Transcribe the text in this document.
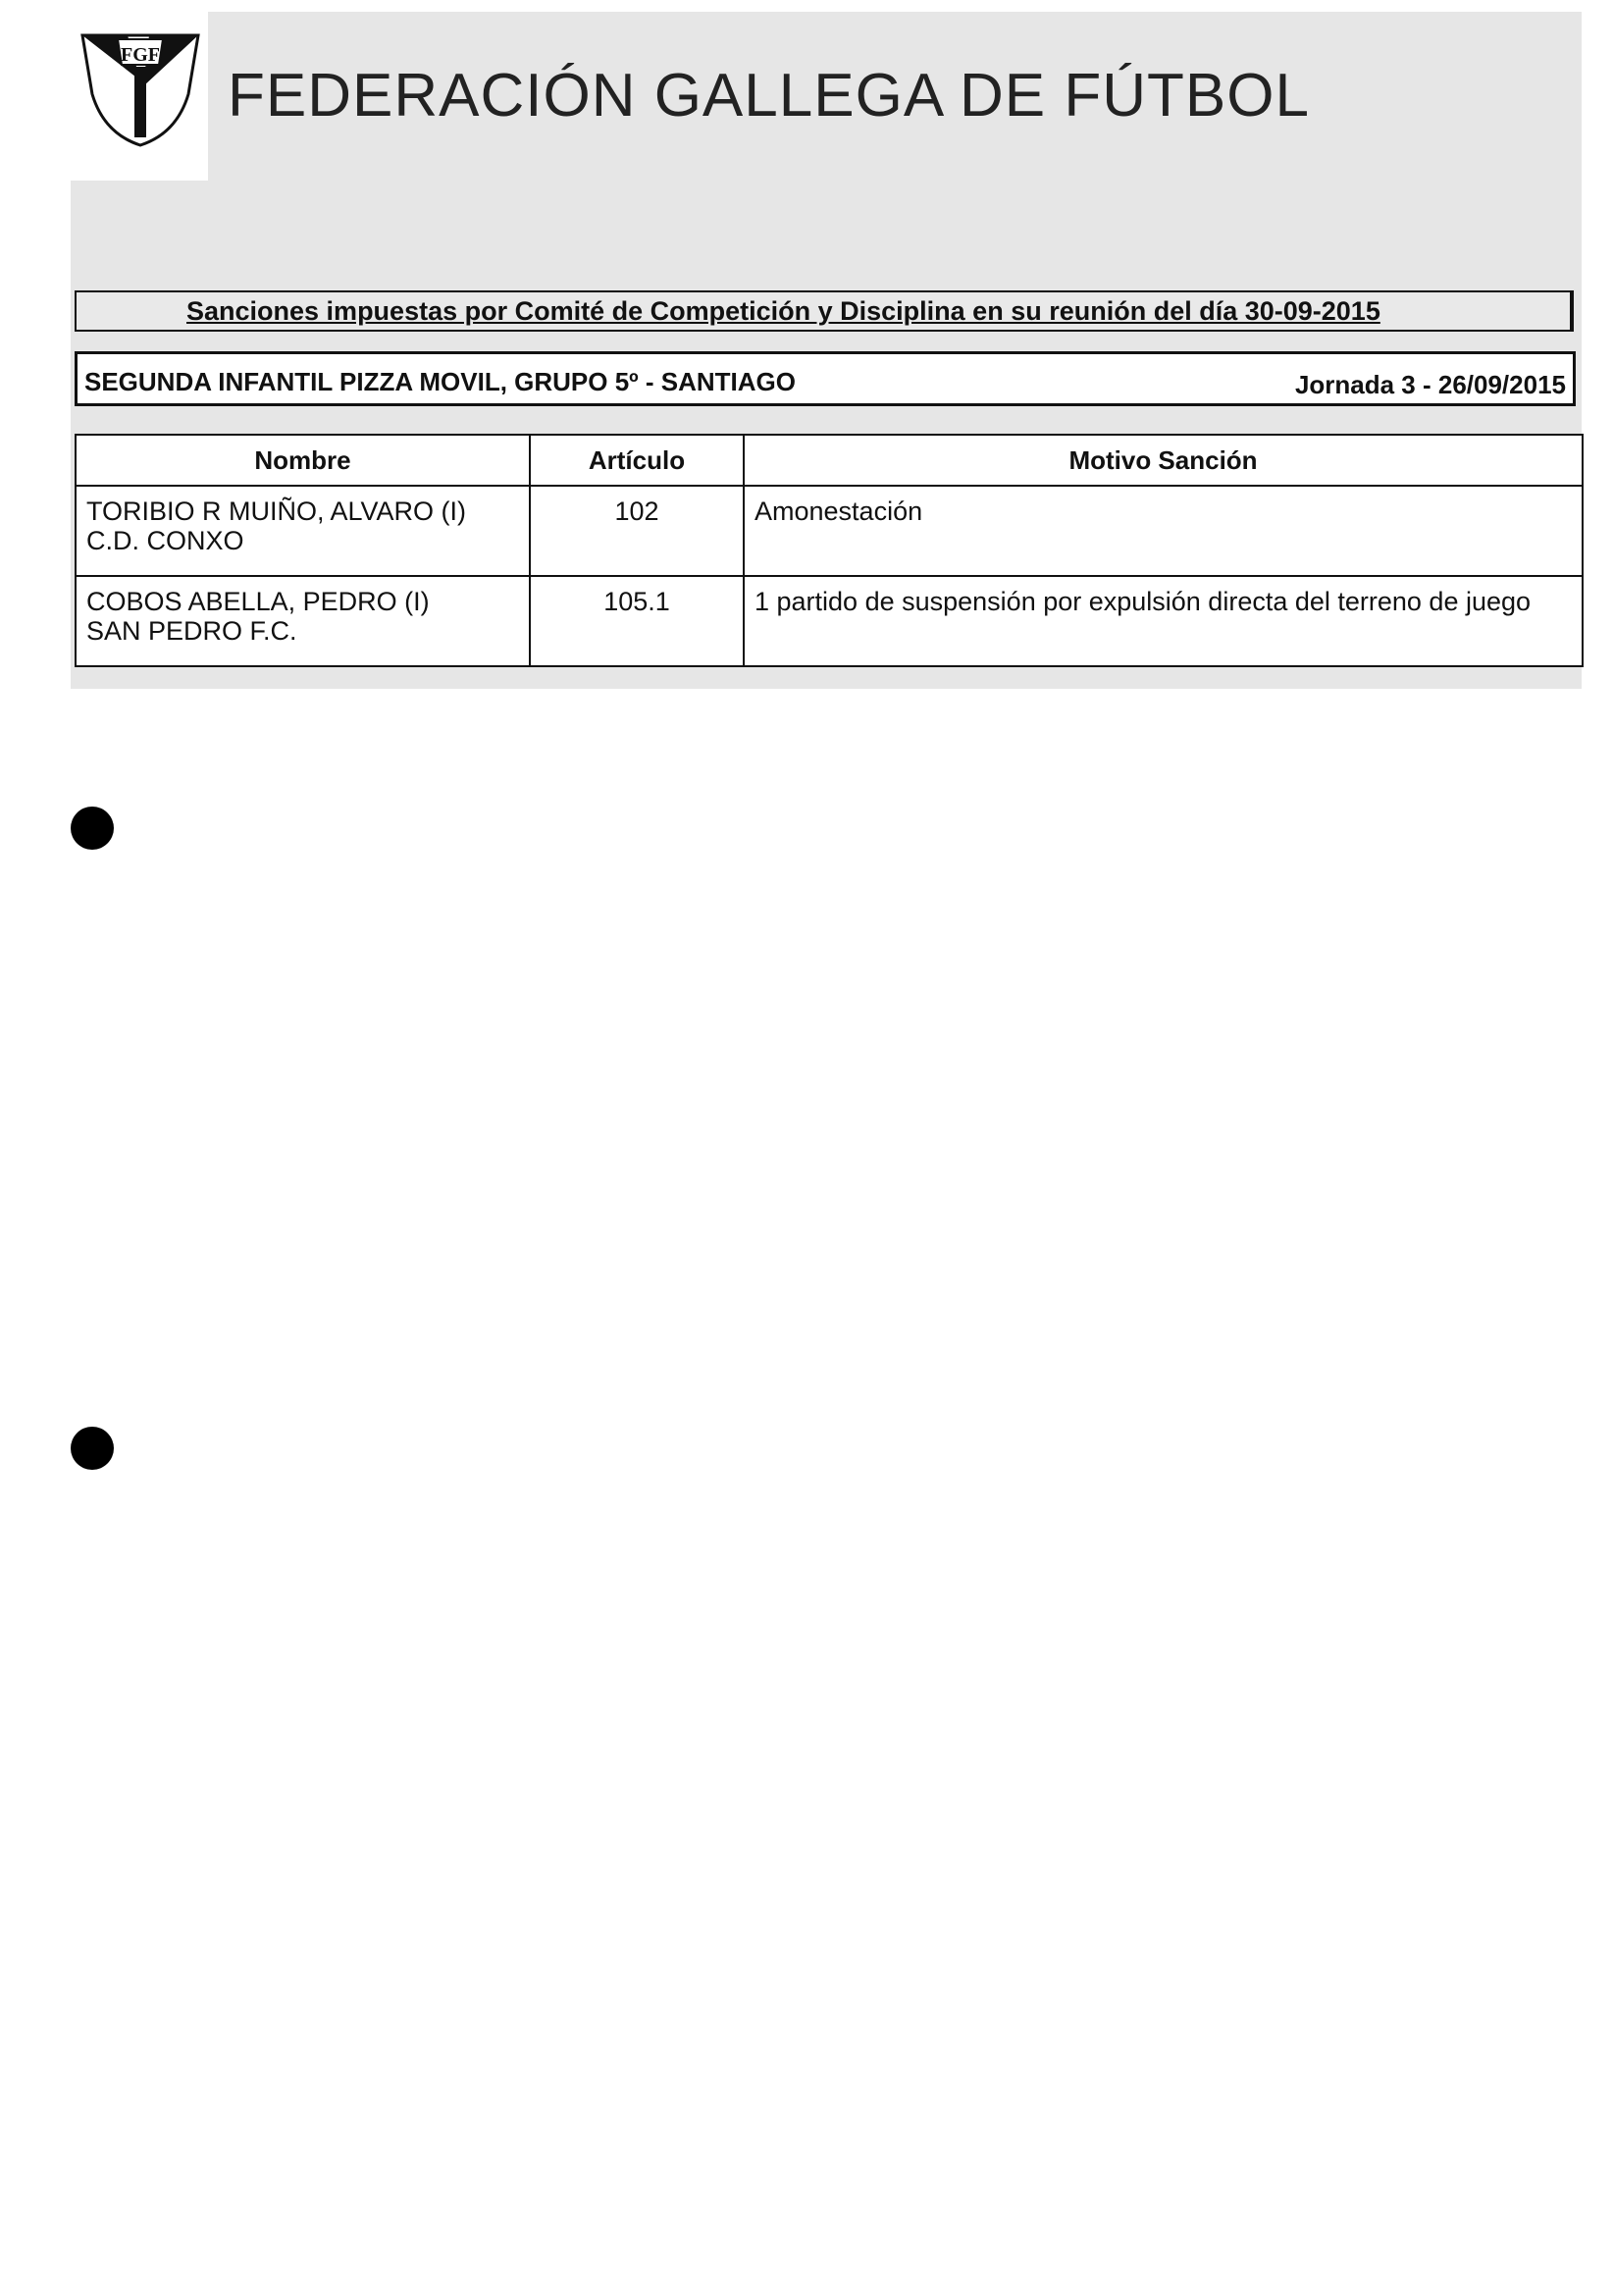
FGF
FEDERACIÓN GALLEGA DE FÚTBOL
Sanciones impuestas por Comité de Competición y Disciplina en su reunión del día 30-09-2015
SEGUNDA INFANTIL PIZZA MOVIL, GRUPO 5º - SANTIAGO	Jornada 3 - 26/09/2015
Nombre	Artículo	Motivo Sanción

TORIBIO R MUIÑO, ALVARO (I)
C.D. CONXO	102	Amonestación

COBOS ABELLA, PEDRO (I)
SAN PEDRO F.C.	105.1	1 partido de suspensión por expulsión directa del terreno de juego
